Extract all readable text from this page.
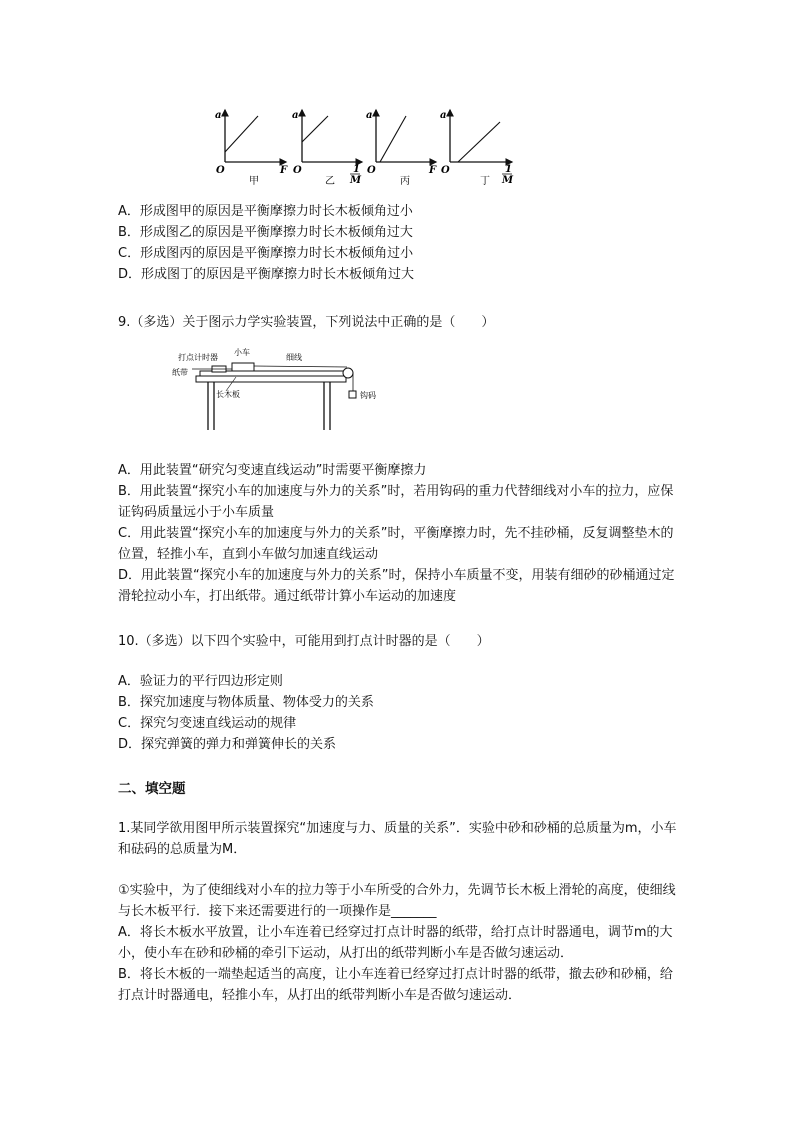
a
O	F
甲
a
O	1
M
乙
a
O	F
丙
a
O	1
M
丁
A．形成图甲的原因是平衡摩擦力时长木板倾角过小
B．形成图乙的原因是平衡摩擦力时长木板倾角过大
C．形成图丙的原因是平衡摩擦力时长木板倾角过小
D．形成图丁的原因是平衡摩擦力时长木板倾角过大
9.（多选）关于图示力学实验装置，下列说法中正确的是（　　）
打点计时器
小车
细线
纸带
长木板	钩码
A．用此装置“研究匀变速直线运动”时需要平衡摩擦力
B．用此装置“探究小车的加速度与外力的关系”时，若用钩码的重力代替细线对小车的拉力，应保证钩码质量远小于小车质量
C．用此装置“探究小车的加速度与外力的关系”时，平衡摩擦力时，先不挂砂桶，反复调整垫木的位置，轻推小车，直到小车做匀加速直线运动
D．用此装置“探究小车的加速度与外力的关系”时，保持小车质量不变，用装有细砂的砂桶通过定滑轮拉动小车，打出纸带。通过纸带计算小车运动的加速度
10.（多选）以下四个实验中，可能用到打点计时器的是（　　）
A．验证力的平行四边形定则
B．探究加速度与物体质量、物体受力的关系
C．探究匀变速直线运动的规律
D．探究弹簧的弹力和弹簧伸长的关系
二、填空题
1.某同学欲用图甲所示装置探究“加速度与力、质量的关系”．实验中砂和砂桶的总质量为m，小车和砝码的总质量为M．
①实验中，为了使细线对小车的拉力等于小车所受的合外力，先调节长木板上滑轮的高度，使细线与长木板平行．接下来还需要进行的一项操作是_______
A．将长木板水平放置，让小车连着已经穿过打点计时器的纸带，给打点计时器通电，调节m的大小，使小车在砂和砂桶的牵引下运动，从打出的纸带判断小车是否做匀速运动．
B．将长木板的一端垫起适当的高度，让小车连着已经穿过打点计时器的纸带，撤去砂和砂桶，给打点计时器通电，轻推小车，从打出的纸带判断小车是否做匀速运动．
